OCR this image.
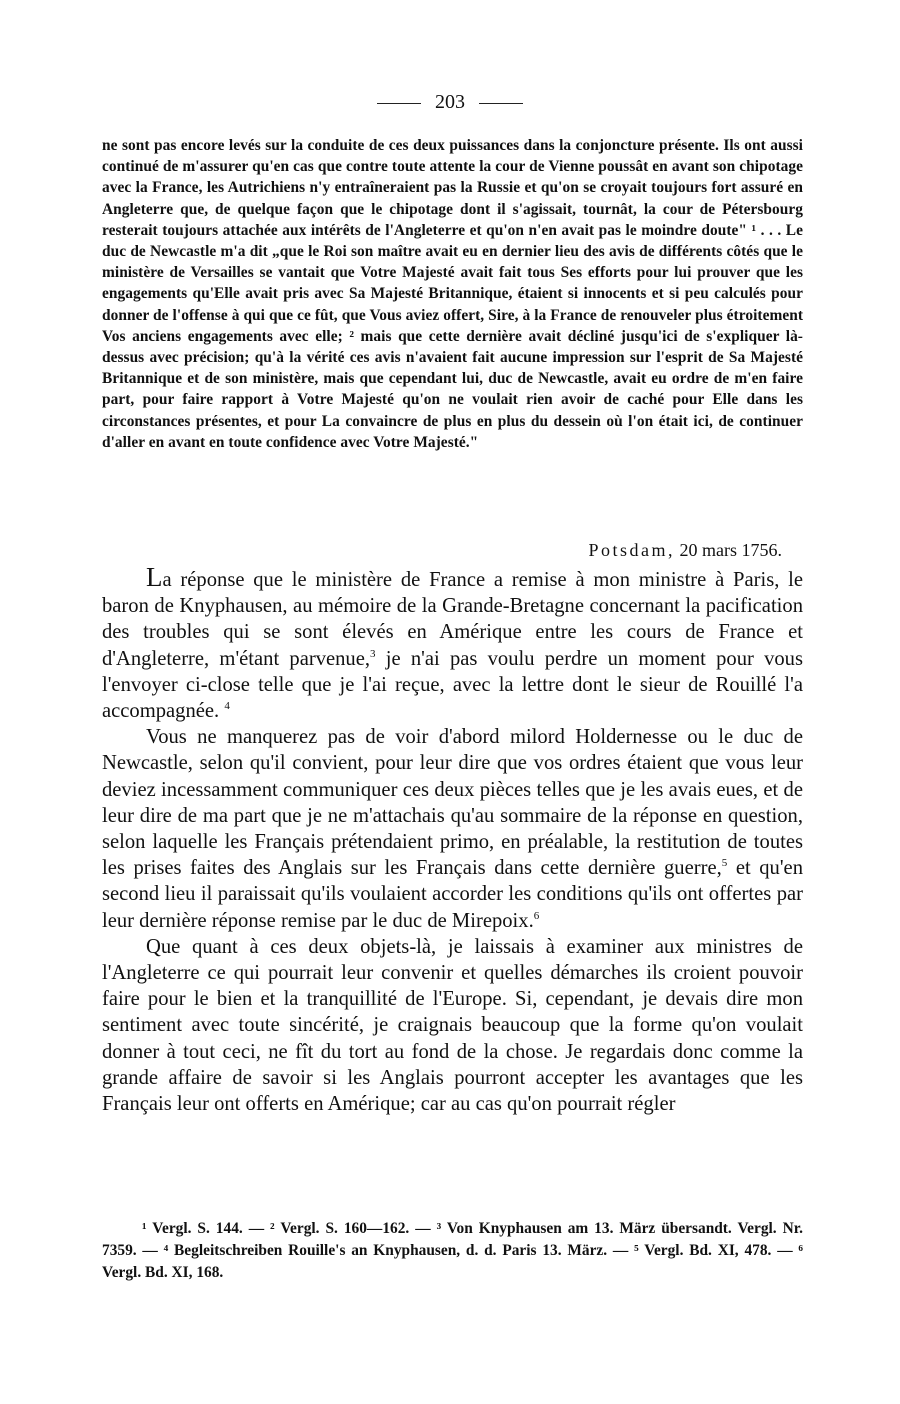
203

ne sont pas encore levés sur la conduite de ces deux puissances dans la conjoncture présente. Ils ont aussi continué de m'assurer qu'en cas que contre toute attente la cour de Vienne poussât en avant son chipotage avec la France, les Autrichiens n'y entraîneraient pas la Russie et qu'on se croyait toujours fort assuré en Angleterre que, de quelque façon que le chipotage dont il s'agissait, tournât, la cour de Pétersbourg resterait toujours attachée aux intérêts de l'Angleterre et qu'on n'en avait pas le moindre doute" ¹ . . . Le duc de Newcastle m'a dit „que le Roi son maître avait eu en dernier lieu des avis de différents côtés que le ministère de Versailles se vantait que Votre Majesté avait fait tous Ses efforts pour lui prouver que les engagements qu'Elle avait pris avec Sa Majesté Britannique, étaient si innocents et si peu calculés pour donner de l'offense à qui que ce fût, que Vous aviez offert, Sire, à la France de renouveler plus étroitement Vos anciens engagements avec elle; ² mais que cette dernière avait décliné jusqu'ici de s'expliquer là-dessus avec précision; qu'à la vérité ces avis n'avaient fait aucune impression sur l'esprit de Sa Majesté Britannique et de son ministère, mais que cependant lui, duc de Newcastle, avait eu ordre de m'en faire part, pour faire rapport à Votre Majesté qu'on ne voulait rien avoir de caché pour Elle dans les circonstances présentes, et pour La convaincre de plus en plus du dessein où l'on était ici, de continuer d'aller en avant en toute confidence avec Votre Majesté."

Potsdam, 20 mars 1756.

La réponse que le ministère de France a remise à mon ministre à Paris, le baron de Knyphausen, au mémoire de la Grande-Bretagne concernant la pacification des troubles qui se sont élevés en Amérique entre les cours de France et d'Angleterre, m'étant parvenue,$^3$ je n'ai pas voulu perdre un moment pour vous l'envoyer ci-close telle que je l'ai reçue, avec la lettre dont le sieur de Rouillé l'a accompagnée. $^4$

Vous ne manquerez pas de voir d'abord milord Holdernesse ou le duc de Newcastle, selon qu'il convient, pour leur dire que vos ordres étaient que vous leur deviez incessamment communiquer ces deux pièces telles que je les avais eues, et de leur dire de ma part que je ne m'attachais qu'au sommaire de la réponse en question, selon laquelle les Français prétendaient primo, en préalable, la restitution de toutes les prises faites des Anglais sur les Français dans cette dernière guerre,$^5$ et qu'en second lieu il paraissait qu'ils voulaient accorder les conditions qu'ils ont offertes par leur dernière réponse remise par le duc de Mirepoix.$^6$

Que quant à ces deux objets-là, je laissais à examiner aux ministres de l'Angleterre ce qui pourrait leur convenir et quelles démarches ils croient pouvoir faire pour le bien et la tranquillité de l'Europe. Si, cependant, je devais dire mon sentiment avec toute sincérité, je craignais beaucoup que la forme qu'on voulait donner à tout ceci, ne fît du tort au fond de la chose. Je regardais donc comme la grande affaire de savoir si les Anglais pourront accepter les avantages que les Français leur ont offerts en Amérique; car au cas qu'on pourrait régler

¹ Vergl. S. 144. — ² Vergl. S. 160—162. — ³ Von Knyphausen am 13. März übersandt. Vergl. Nr. 7359. — ⁴ Begleitschreiben Rouille's an Knyphausen, d. d. Paris 13. März. — ⁵ Vergl. Bd. XI, 478. — ⁶ Vergl. Bd. XI, 168.
